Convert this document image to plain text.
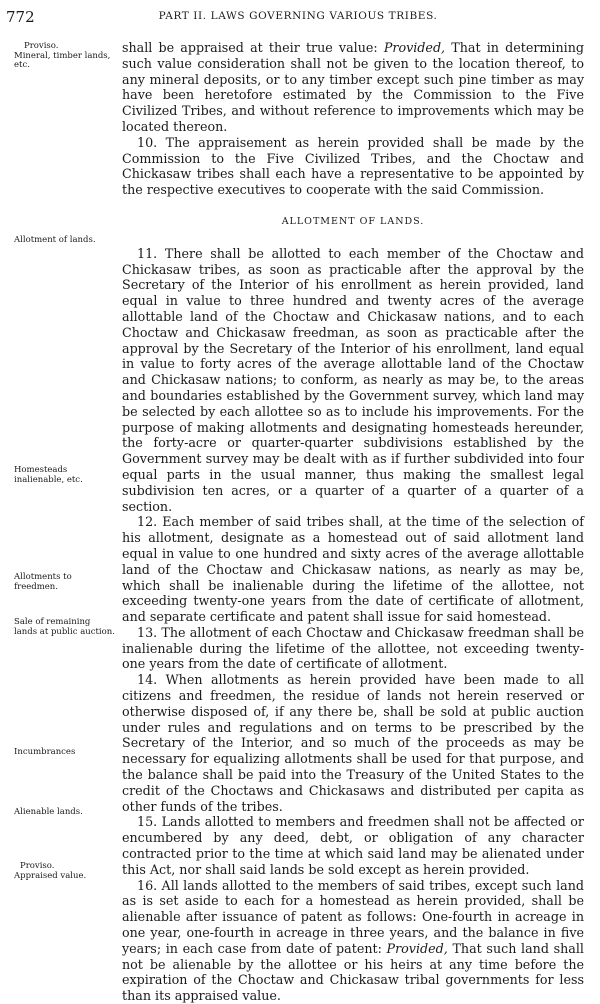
772	PART II. LAWS GOVERNING VARIOUS TRIBES.
Proviso.
Mineral, timber lands, etc.
Allotment of lands.
Homesteads inalienable, etc.
Allotments to freedmen.
Sale of remaining lands at public auction.
Incumbrances
Alienable lands.
Proviso.
Appraised value.

shall be appraised at their true value: Provided, That in determining such value consideration shall not be given to the location thereof, to any mineral deposits, or to any timber except such pine timber as may have been heretofore estimated by the Commission to the Five Civilized Tribes, and without reference to improvements which may be located thereon.

10. The appraisement as herein provided shall be made by the Commission to the Five Civilized Tribes, and the Choctaw and Chickasaw tribes shall each have a representative to be appointed by the respective executives to cooperate with the said Commission.

ALLOTMENT OF LANDS.

11. There shall be allotted to each member of the Choctaw and Chickasaw tribes, as soon as practicable after the approval by the Secretary of the Interior of his enrollment as herein provided, land equal in value to three hundred and twenty acres of the average allottable land of the Choctaw and Chickasaw nations, and to each Choctaw and Chickasaw freedman, as soon as practicable after the approval by the Secretary of the Interior of his enrollment, land equal in value to forty acres of the average allottable land of the Choctaw and Chickasaw nations; to conform, as nearly as may be, to the areas and boundaries established by the Government survey, which land may be selected by each allottee so as to include his improvements. For the purpose of making allotments and designating homesteads hereunder, the forty-acre or quarter-quarter subdivisions established by the Government survey may be dealt with as if further subdivided into four equal parts in the usual manner, thus making the smallest legal subdivision ten acres, or a quarter of a quarter of a quarter of a section.

12. Each member of said tribes shall, at the time of the selection of his allotment, designate as a homestead out of said allotment land equal in value to one hundred and sixty acres of the average allottable land of the Choctaw and Chickasaw nations, as nearly as may be, which shall be inalienable during the lifetime of the allottee, not exceeding twenty-one years from the date of certificate of allotment, and separate certificate and patent shall issue for said homestead.

13. The allotment of each Choctaw and Chickasaw freedman shall be inalienable during the lifetime of the allottee, not exceeding twenty-one years from the date of certificate of allotment.

14. When allotments as herein provided have been made to all citizens and freedmen, the residue of lands not herein reserved or otherwise disposed of, if any there be, shall be sold at public auction under rules and regulations and on terms to be prescribed by the Secretary of the Interior, and so much of the proceeds as may be necessary for equalizing allotments shall be used for that purpose, and the balance shall be paid into the Treasury of the United States to the credit of the Choctaws and Chickasaws and distributed per capita as other funds of the tribes.

15. Lands allotted to members and freedmen shall not be affected or encumbered by any deed, debt, or obligation of any character contracted prior to the time at which said land may be alienated under this Act, nor shall said lands be sold except as herein provided.

16. All lands allotted to the members of said tribes, except such land as is set aside to each for a homestead as herein provided, shall be alienable after issuance of patent as follows: One-fourth in acreage in one year, one-fourth in acreage in three years, and the balance in five years; in each case from date of patent: Provided, That such land shall not be alienable by the allottee or his heirs at any time before the expiration of the Choctaw and Chickasaw tribal governments for less than its appraised value.
